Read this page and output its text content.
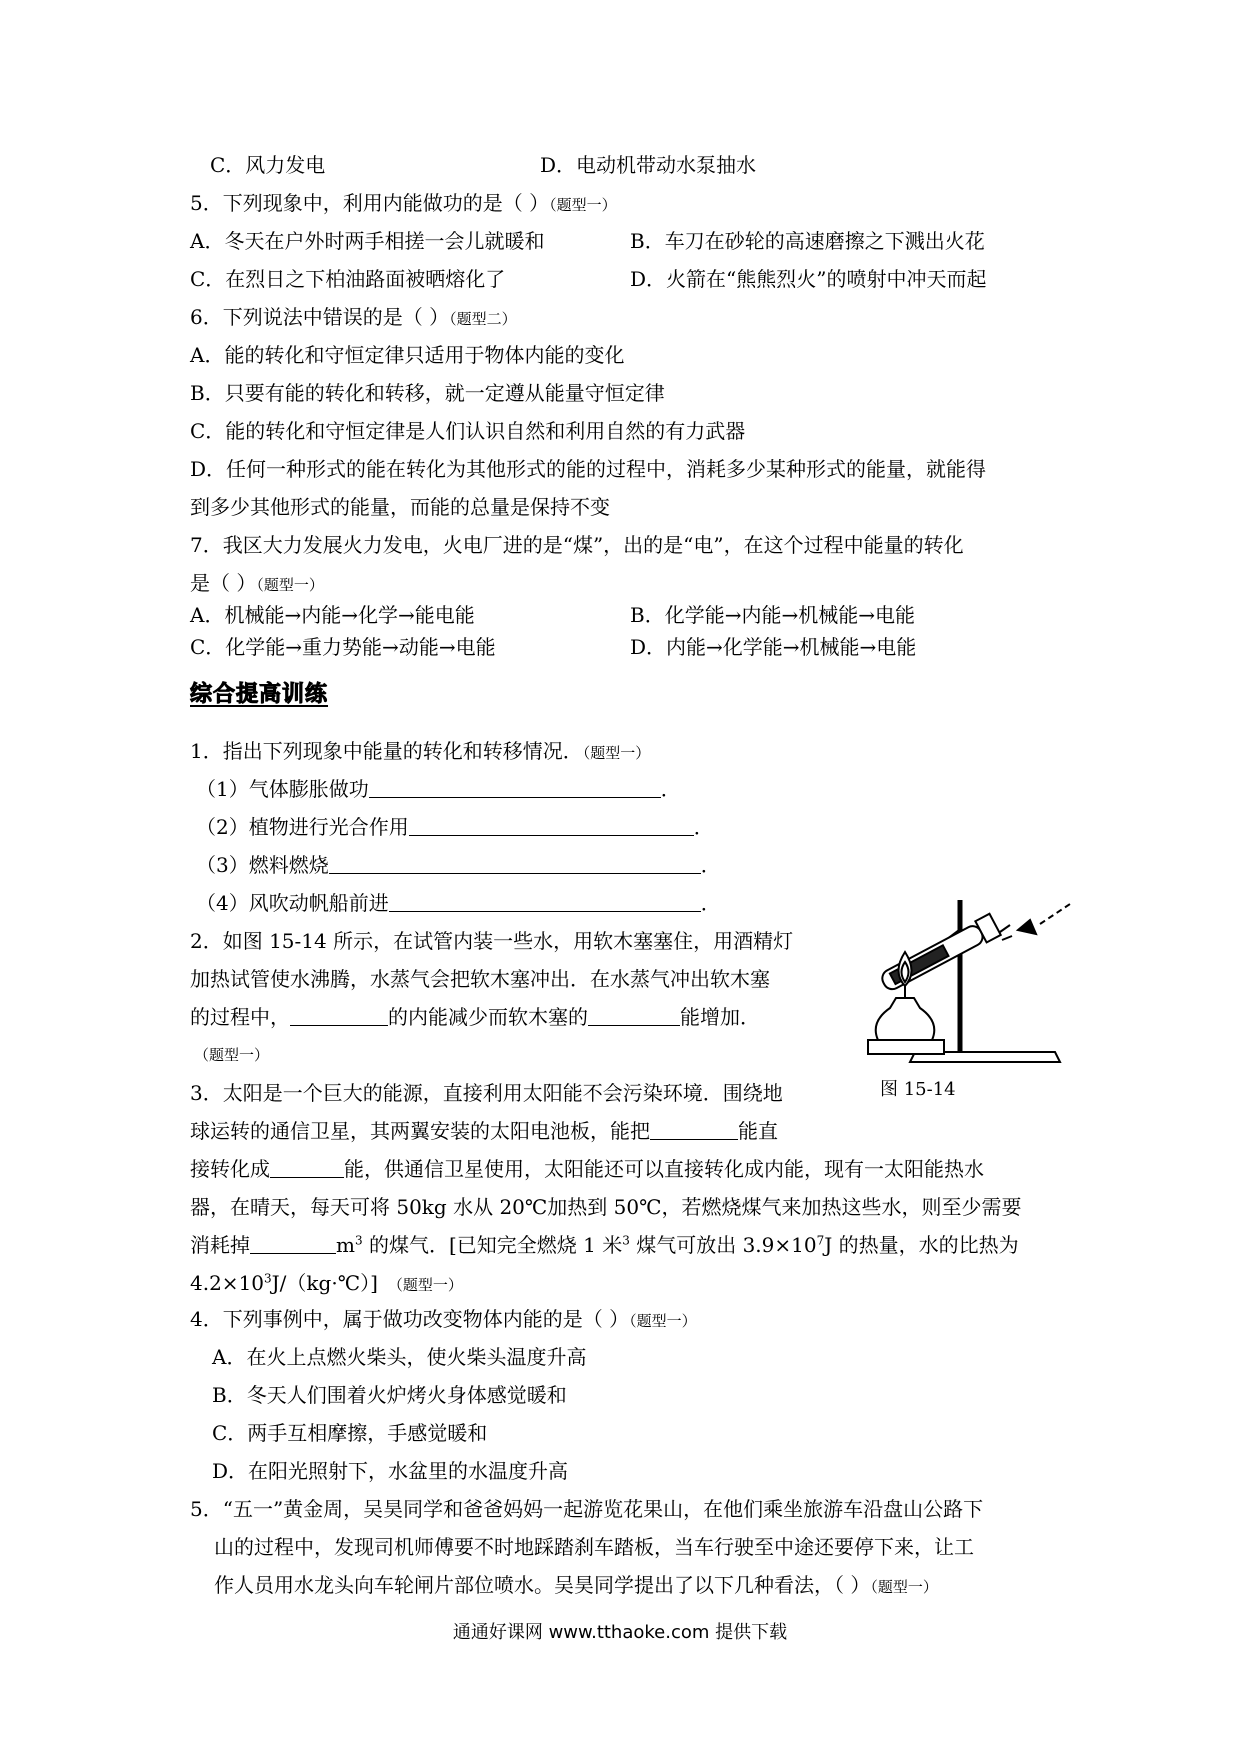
C．风力发电	D．电动机带动水泵抽水
5．下列现象中，利用内能做功的是（ ）（题型一）
A．冬天在户外时两手相搓一会儿就暖和	B．车刀在砂轮的高速磨擦之下溅出火花
C．在烈日之下柏油路面被晒熔化了	D．火箭在“熊熊烈火”的喷射中冲天而起
6．下列说法中错误的是（ ）（题型二）
A．能的转化和守恒定律只适用于物体内能的变化
B．只要有能的转化和转移，就一定遵从能量守恒定律
C．能的转化和守恒定律是人们认识自然和利用自然的有力武器
D．任何一种形式的能在转化为其他形式的能的过程中，消耗多少某种形式的能量，就能得
到多少其他形式的能量，而能的总量是保持不变
7．我区大力发展火力发电，火电厂进的是“煤”，出的是“电”，在这个过程中能量的转化
是（ ）（题型一）
A．机械能→内能→化学→能电能	B．化学能→内能→机械能→电能
C．化学能→重力势能→动能→电能	D．内能→化学能→机械能→电能
综合提高训练
1．指出下列现象中能量的转化和转移情况．（题型一）
（1）气体膨胀做功	．
（2）植物进行光合作用	．
（3）燃料燃烧	．
（4）风吹动帆船前进	．
2．如图 15-14 所示，在试管内装一些水，用软木塞塞住，用酒精灯
加热试管使水沸腾，水蒸气会把软木塞冲出．在水蒸气冲出软木塞
的过程中，	的内能减少而软木塞的	能增加．
（题型一）
图 15-14
3．太阳是一个巨大的能源，直接利用太阳能不会污染环境．围绕地
球运转的通信卫星，其两翼安装的太阳电池板，能把	能直
接转化成	能，供通信卫星使用，太阳能还可以直接转化成内能，现有一太阳能热水
器，在晴天，每天可将 50kg 水从 20℃加热到 50℃，若燃烧煤气来加热这些水，则至少需要
消耗掉	$m^3$ 的煤气．[已知完全燃烧 1 米$^3$ 煤气可放出 $3.9\times 10^7J$ 的热量，水的比热为
$4.2\times 10^3J/(kg\cdot℃)$] （题型一）
4．下列事例中，属于做功改变物体内能的是（ ）（题型一）
A．在火上点燃火柴头，使火柴头温度升高
B．冬天人们围着火炉烤火身体感觉暖和
C．两手互相摩擦，手感觉暖和
D．在阳光照射下，水盆里的水温度升高
5．“五一”黄金周，吴昊同学和爸爸妈妈一起游览花果山，在他们乘坐旅游车沿盘山公路下
山的过程中，发现司机师傅要不时地踩踏刹车踏板，当车行驶至中途还要停下来，让工
作人员用水龙头向车轮闸片部位喷水。吴昊同学提出了以下几种看法，（ ）（题型一）
通通好课网 www.tthaoke.com 提供下载
